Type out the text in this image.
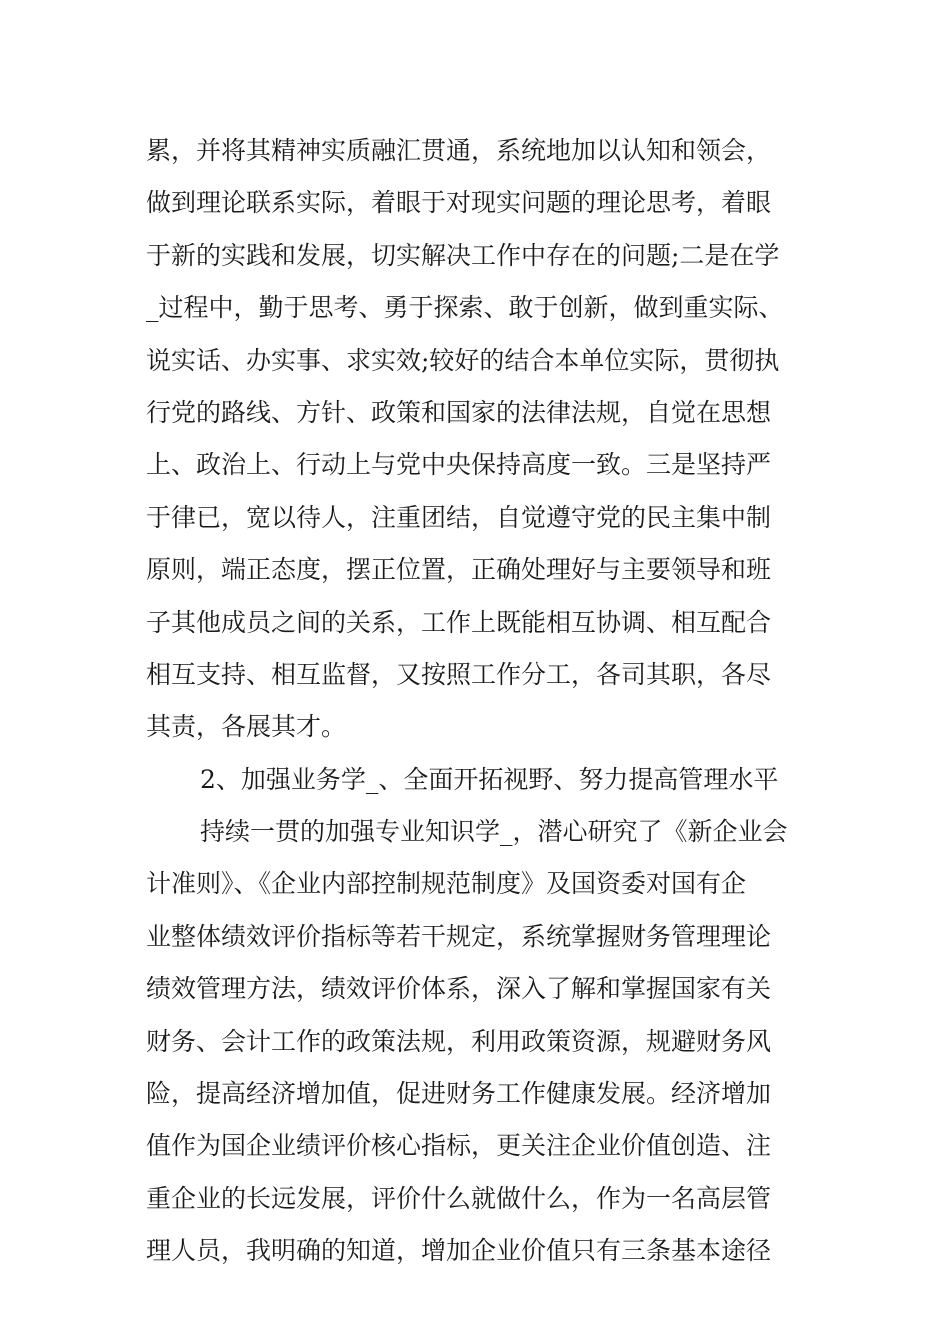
累，并将其精神实质融汇贯通，系统地加以认知和领会，
做到理论联系实际，着眼于对现实问题的理论思考，着眼
于新的实践和发展，切实解决工作中存在的问题;二是在学
_过程中，勤于思考、勇于探索、敢于创新，做到重实际、
说实话、办实事、求实效;较好的结合本单位实际，贯彻执
行党的路线、方针、政策和国家的法律法规，自觉在思想
上、政治上、行动上与党中央保持高度一致。三是坚持严
于律已，宽以待人，注重团结，自觉遵守党的民主集中制
原则，端正态度，摆正位置，正确处理好与主要领导和班
子其他成员之间的关系，工作上既能相互协调、相互配合
相互支持、相互监督，又按照工作分工，各司其职，各尽
其责，各展其才。
2、加强业务学_、全面开拓视野、努力提高管理水平
持续一贯的加强专业知识学_，潜心研究了《新企业会
计准则》、《企业内部控制规范制度》及国资委对国有企
业整体绩效评价指标等若干规定，系统掌握财务管理理论
绩效管理方法，绩效评价体系，深入了解和掌握国家有关
财务、会计工作的政策法规，利用政策资源，规避财务风
险，提高经济增加值，促进财务工作健康发展。经济增加
值作为国企业绩评价核心指标，更关注企业价值创造、注
重企业的长远发展，评价什么就做什么，作为一名高层管
理人员，我明确的知道，增加企业价值只有三条基本途径
